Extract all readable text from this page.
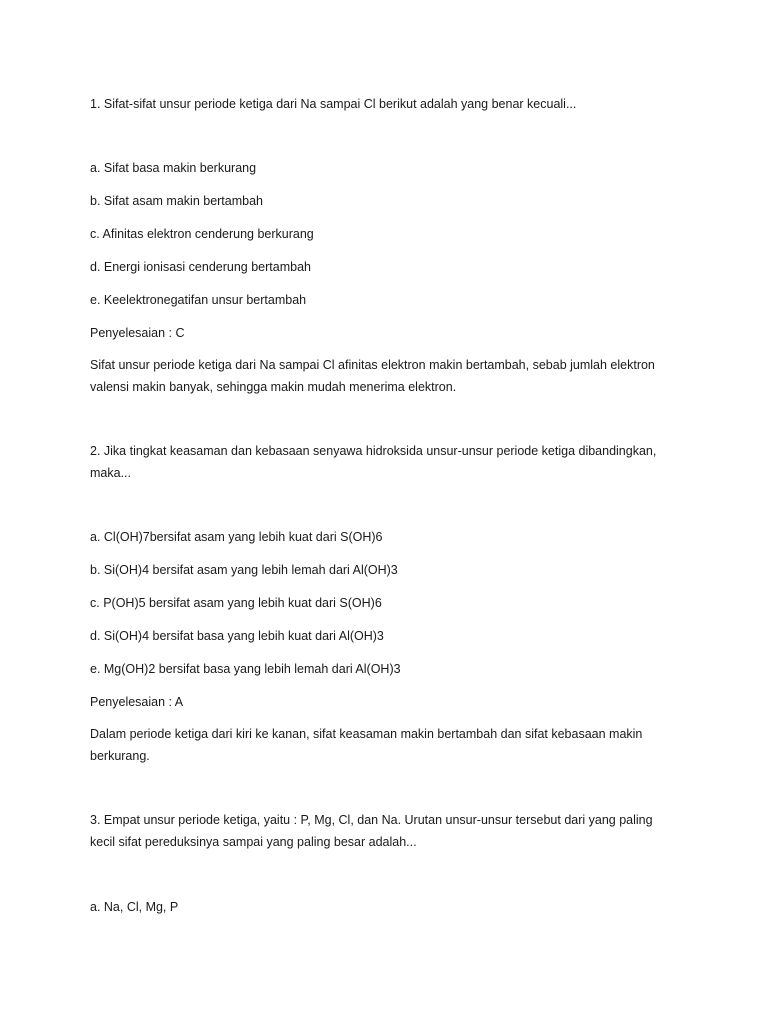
1. Sifat-sifat unsur periode ketiga dari Na sampai Cl berikut adalah yang benar kecuali...

a. Sifat basa makin berkurang

b. Sifat asam makin bertambah

c. Afinitas elektron cenderung berkurang

d. Energi ionisasi cenderung bertambah

e. Keelektronegatifan unsur bertambah

Penyelesaian : C

Sifat unsur periode ketiga dari Na sampai Cl afinitas elektron makin bertambah, sebab jumlah elektron valensi makin banyak, sehingga makin mudah menerima elektron.

2. Jika tingkat keasaman dan kebasaan senyawa hidroksida unsur-unsur periode ketiga dibandingkan, maka...

a. Cl(OH)7bersifat asam yang lebih kuat dari S(OH)6

b. Si(OH)4 bersifat asam yang lebih lemah dari Al(OH)3

c. P(OH)5 bersifat asam yang lebih kuat dari S(OH)6

d. Si(OH)4 bersifat basa yang lebih kuat dari Al(OH)3

e. Mg(OH)2 bersifat basa yang lebih lemah dari Al(OH)3

Penyelesaian : A

Dalam periode ketiga dari kiri ke kanan, sifat keasaman makin bertambah dan sifat kebasaan makin berkurang.

3. Empat unsur periode ketiga, yaitu : P, Mg, Cl, dan Na. Urutan unsur-unsur tersebut dari yang paling kecil sifat pereduksinya sampai yang paling besar adalah...

a. Na, Cl, Mg, P
